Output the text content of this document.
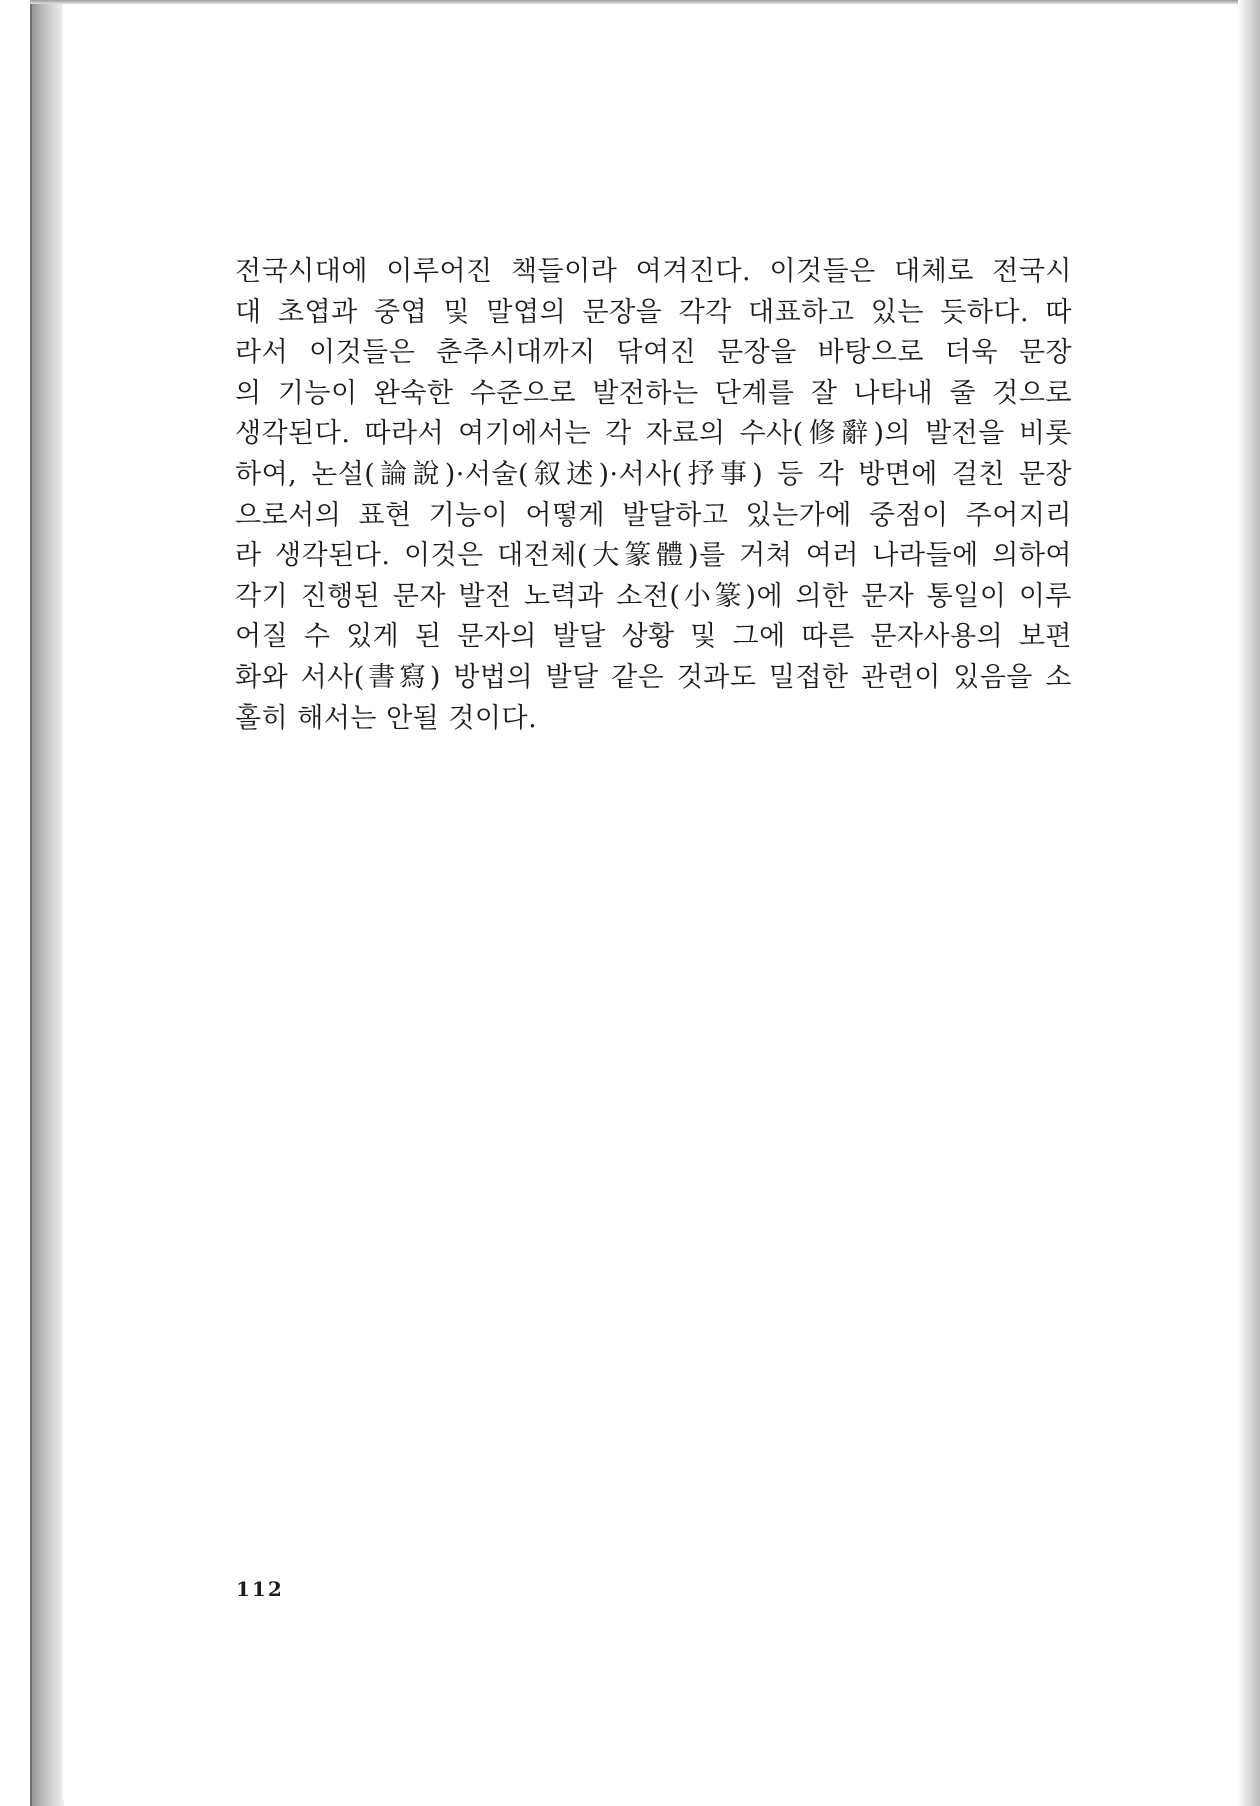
전국시대에 이루어진 책들이라 여겨진다. 이것들은 대체로 전국시
대 초엽과 중엽 및 말엽의 문장을 각각 대표하고 있는 듯하다. 따
라서 이것들은 춘추시대까지 닦여진 문장을 바탕으로 더욱 문장
의 기능이 완숙한 수준으로 발전하는 단계를 잘 나타내 줄 것으로
생각된다. 따라서 여기에서는 각 자료의 수사(修辭)의 발전을 비롯
하여, 논설(論說)·서술(叙述)·서사(抒事) 등 각 방면에 걸친 문장
으로서의 표현 기능이 어떻게 발달하고 있는가에 중점이 주어지리
라 생각된다. 이것은 대전체(大篆體)를 거쳐 여러 나라들에 의하여
각기 진행된 문자 발전 노력과 소전(小篆)에 의한 문자 통일이 이루
어질 수 있게 된 문자의 발달 상황 및 그에 따른 문자사용의 보편
화와 서사(書寫) 방법의 발달 같은 것과도 밀접한 관련이 있음을 소
홀히 해서는 안될 것이다.
112
